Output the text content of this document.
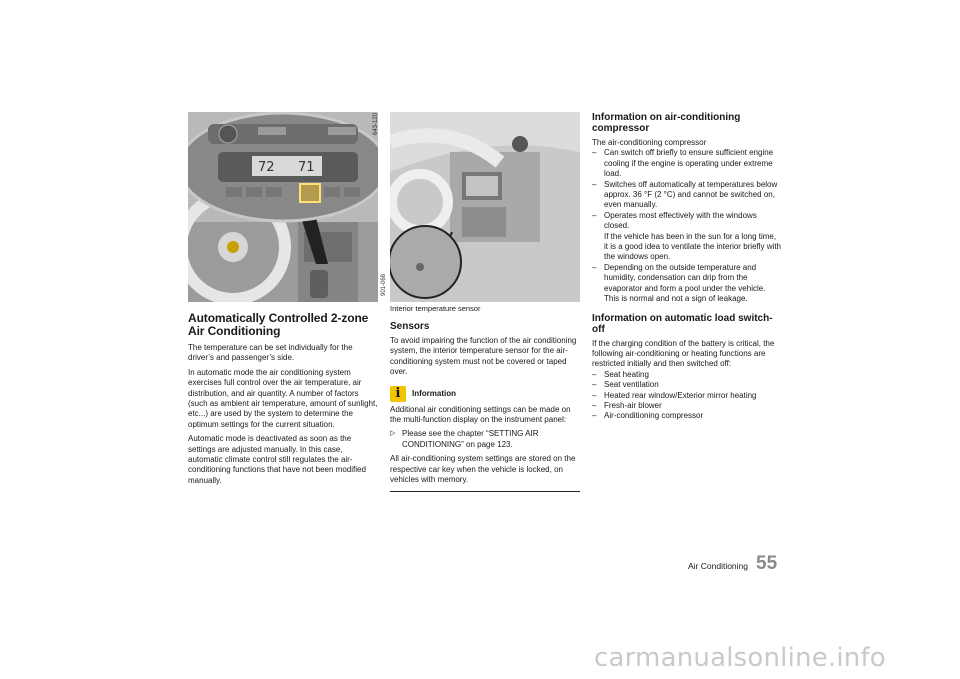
72 71
Automatically Controlled 2-zone Air Conditioning

The temperature can be set individually for the driver’s and passenger’s side.

In automatic mode the air conditioning system exercises full control over the air temperature, air distribution, and air quantity. A number of factors (such as ambient air temperature, amount of sunlight, etc...) are used by the system to determine the optimum settings for the current situation.

Automatic mode is deactivated as soon as the settings are adjusted manually. In this case, automatic climate control still regulates the air-conditioning functions that have not been modified manually.

643-120
Interior temperature sensor
Sensors

To avoid impairing the function of the air conditioning system, the interior temperature sensor for the air-conditioning system must not be covered or taped over.

i	Information

Additional air conditioning settings can be made on the multi-function display on the instrument panel:

▷ Please see the chapter “SETTING AIR CONDITIONING” on page 123.

All air-conditioning system settings are stored on the respective car key when the vehicle is locked, on vehicles with memory.

901-068
Information on air-conditioning compressor

The air-conditioning compressor

– Can switch off briefly to ensure sufficient engine cooling if the engine is operating under extreme load.
– Switches off automatically at temperatures below approx. 36 °F (2 °C) and cannot be switched on, even manually.
– Operates most effectively with the windows closed.
If the vehicle has been in the sun for a long time, it is a good idea to ventilate the interior briefly with the windows open.
– Depending on the outside temperature and humidity, condensation can drip from the evaporator and form a pool under the vehicle.
This is normal and not a sign of leakage.
Information on automatic load switch-off

If the charging condition of the battery is critical, the following air-conditioning or heating functions are restricted initially and then switched off:

– Seat heating
– Seat ventilation
– Heated rear window/Exterior mirror heating
– Fresh-air blower
– Air-conditioning compressor
Air Conditioning 55
carmanualsonline.info
